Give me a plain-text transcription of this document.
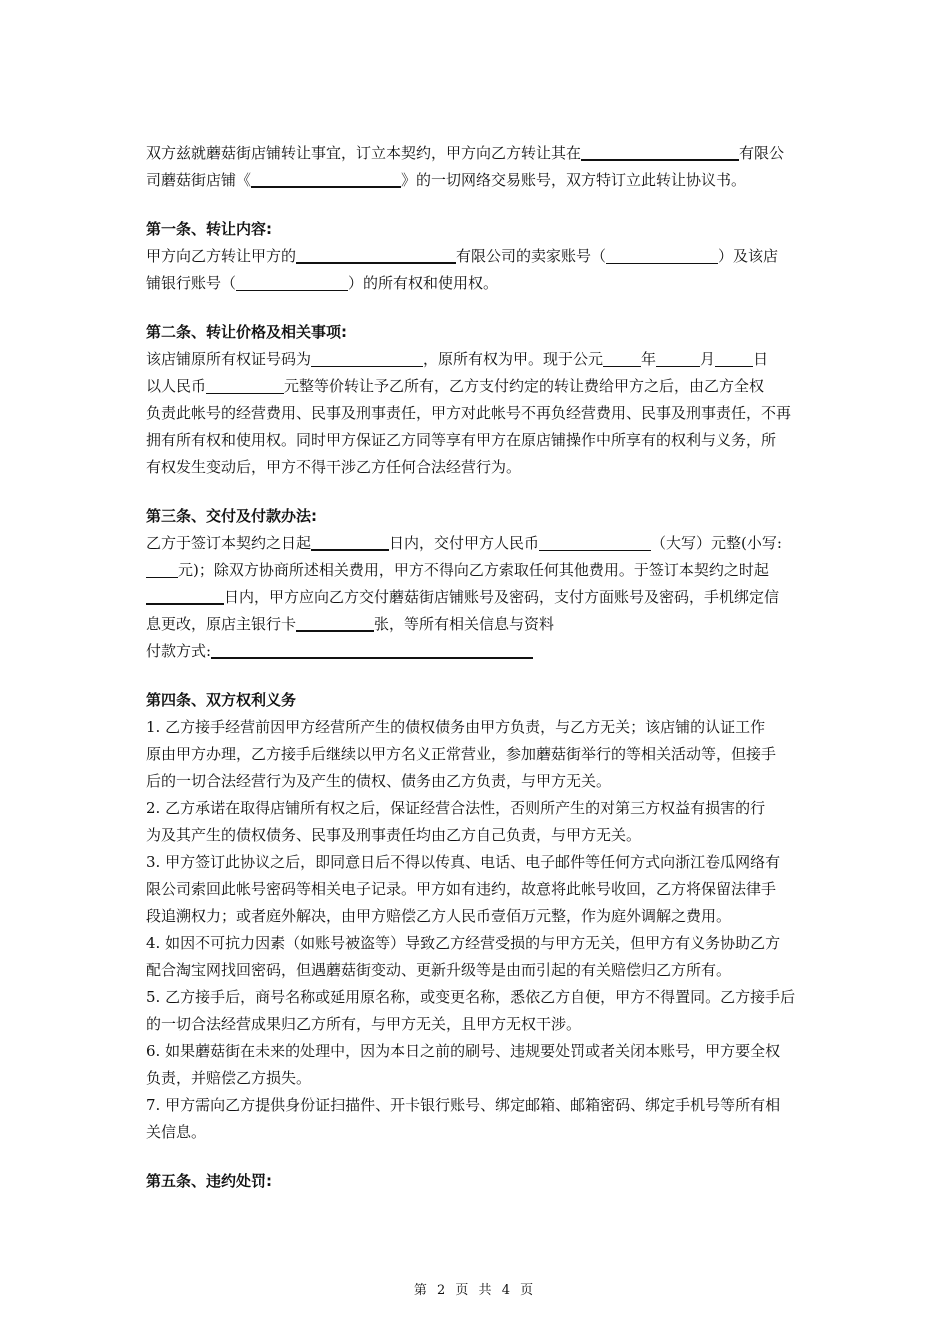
双方兹就蘑菇街店铺转让事宜，订立本契约，甲方向乙方转让其在	有限公
司蘑菇街店铺《	》的一切网络交易账号，双方特订立此转让协议书。

第一条、转让内容:

甲方向乙方转让甲方的	有限公司的卖家账号（	）及该店
铺银行账号（	）的所有权和使用权。

第二条、转让价格及相关事项:

该店铺原所有权证号码为	，原所有权为甲。现于公元	年	月	日
以人民币	元整等价转让予乙所有，乙方支付约定的转让费给甲方之后，由乙方全权
负责此帐号的经营费用、民事及刑事责任，甲方对此帐号不再负经营费用、民事及刑事责任，不再
拥有所有权和使用权。同时甲方保证乙方同等享有甲方在原店铺操作中所享有的权利与义务，所
有权发生变动后，甲方不得干涉乙方任何合法经营行为。

第三条、交付及付款办法:

乙方于签订本契约之日起	日内，交付甲方人民币	（大写）元整(小写:
元)；除双方协商所述相关费用，甲方不得向乙方索取任何其他费用。于签订本契约之时起
日内，甲方应向乙方交付蘑菇街店铺账号及密码，支付方面账号及密码，手机绑定信
息更改，原店主银行卡	张，等所有相关信息与资料
付款方式:

第四条、双方权利义务

1. 乙方接手经营前因甲方经营所产生的债权债务由甲方负责，与乙方无关；该店铺的认证工作
原由甲方办理，乙方接手后继续以甲方名义正常营业，参加蘑菇街举行的等相关活动等，但接手
后的一切合法经营行为及产生的债权、债务由乙方负责，与甲方无关。
2. 乙方承诺在取得店铺所有权之后，保证经营合法性，否则所产生的对第三方权益有损害的行
为及其产生的债权债务、民事及刑事责任均由乙方自己负责，与甲方无关。
3. 甲方签订此协议之后，即同意日后不得以传真、电话、电子邮件等任何方式向浙江卷瓜网络有
限公司索回此帐号密码等相关电子记录。甲方如有违约，故意将此帐号收回，乙方将保留法律手
段追溯权力；或者庭外解决，由甲方赔偿乙方人民币壹佰万元整，作为庭外调解之费用。
4. 如因不可抗力因素（如账号被盗等）导致乙方经营受损的与甲方无关，但甲方有义务协助乙方
配合淘宝网找回密码，但遇蘑菇街变动、更新升级等是由而引起的有关赔偿归乙方所有。
5. 乙方接手后，商号名称或延用原名称，或变更名称，悉依乙方自便，甲方不得置同。乙方接手后
的一切合法经营成果归乙方所有，与甲方无关，且甲方无权干涉。
6. 如果蘑菇街在未来的处理中，因为本日之前的刷号、违规要处罚或者关闭本账号，甲方要全权
负责，并赔偿乙方损失。
7. 甲方需向乙方提供身份证扫描件、开卡银行账号、绑定邮箱、邮箱密码、绑定手机号等所有相
关信息。

第五条、违约处罚:

第 2 页 共 4 页
